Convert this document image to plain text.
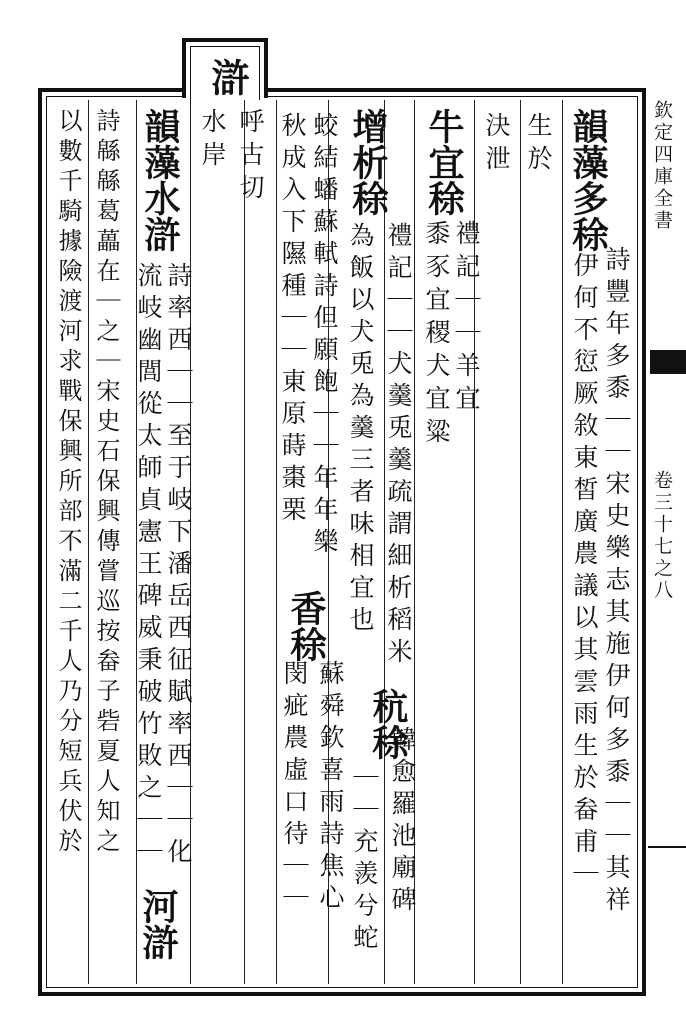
滸
欽定四庫全書
卷三十七之八
生於
決泄 韻藻多稌
詩豐年多黍｜｜宋史樂志其施伊何多黍｜｜其祥
伊何不愆厥敘東皙廣農議以其雲雨生於畚甫｜
牛宜稌
禮記｜｜羊宜
黍豕宜稷犬宜粱
增析稌
禮記｜｜犬羹兎羹疏謂細析稻米
為飯以犬兎為羹三者味相宜也
蛟結蟠蘇軾詩但願飽｜｜年年樂
秋成入下隰種｜｜東原蒔棗栗
呼古切
水岸
韻藻水滸
詩率西｜｜至于岐下潘岳西征賦率西｜｜化
流岐幽閭從太師貞憲王碑威秉破竹敗之｜｜
詩緜緜葛藟在｜之｜宋史石保興傳嘗巡按畚子砦夏人知之
以數千騎據險渡河求戰保興所部不滿二千人乃分短兵伏於	香稌
蘇舜欽喜雨詩焦心
閔疵農虛口待｜｜ 秔稌
韓愈羅池廟碑
｜｜充羨兮蛇
河滸
